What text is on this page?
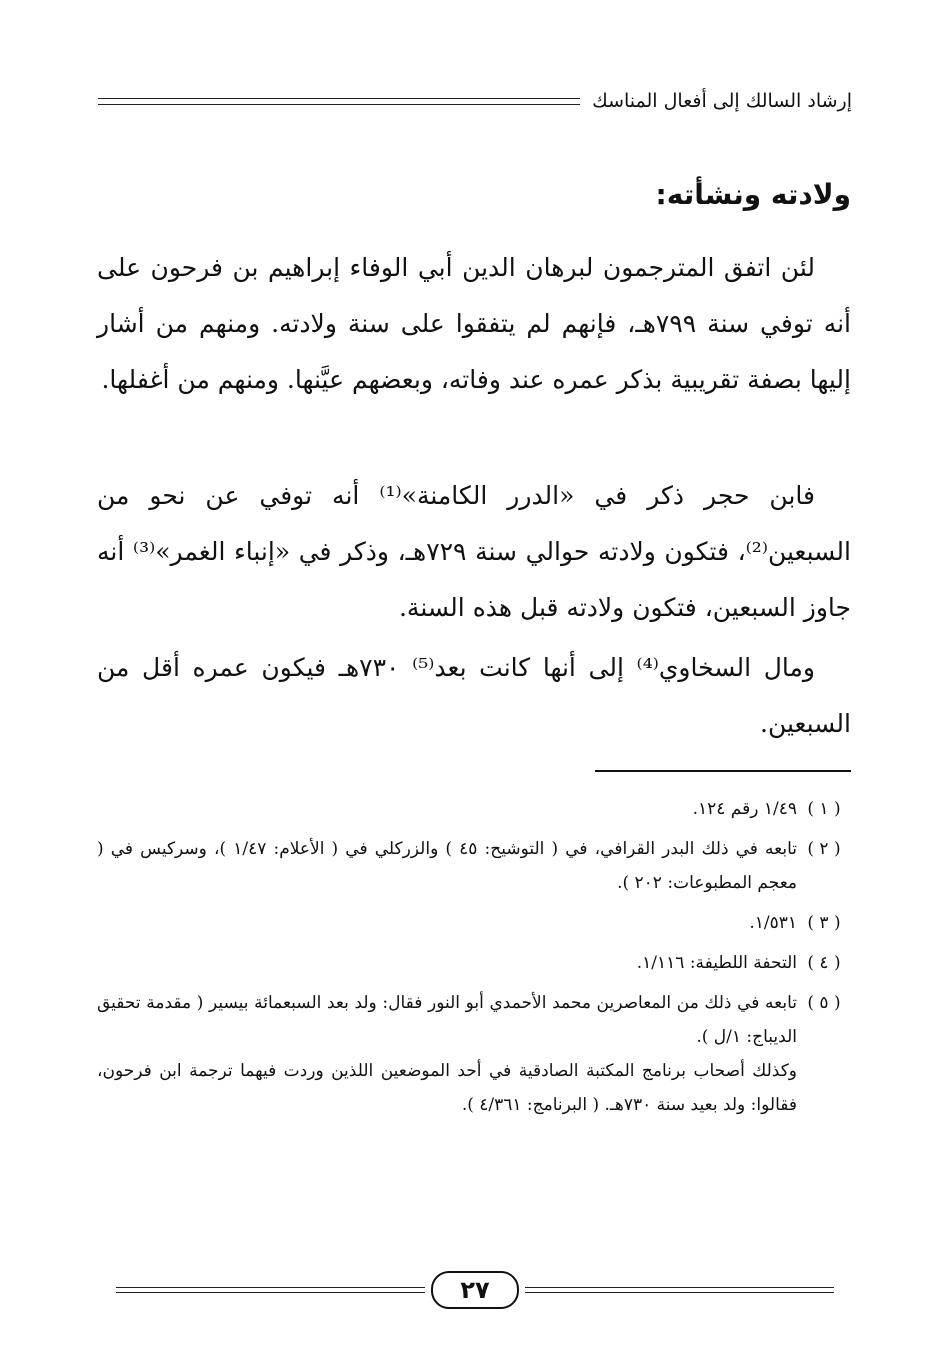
إرشاد السالك إلى أفعال المناسك
ولادته ونشأته:

لئن اتفق المترجمون لبرهان الدين أبي الوفاء إبراهيم بن فرحون على أنه توفي سنة ٧٩٩هـ، فإنهم لم يتفقوا على سنة ولادته. ومنهم من أشار إليها بصفة تقريبية بذكر عمره عند وفاته، وبعضهم عيَّنها. ومنهم من أغفلها.

فابن حجر ذكر في «الدرر الكامنة»⁽¹⁾ أنه توفي عن نحو من السبعين⁽²⁾، فتكون ولادته حوالي سنة ٧٢٩هـ، وذكر في «إنباء الغمر»⁽³⁾ أنه جاوز السبعين، فتكون ولادته قبل هذه السنة.

ومال السخاوي⁽⁴⁾ إلى أنها كانت بعد⁽⁵⁾ ٧٣٠هـ فيكون عمره أقل من السبعين.

( ١ )
١/٤٩ رقم ١٢٤.
( ٢ )
تابعه في ذلك البدر القرافي، في ( التوشيح: ٤٥ ) والزركلي في ( الأعلام: ١/٤٧ )، وسركيس في ( معجم المطبوعات: ٢٠٢ ).
( ٣ )
١/٥٣١.
( ٤ )
التحفة اللطيفة: ١/١١٦.
( ٥ )
تابعه في ذلك من المعاصرين محمد الأحمدي أبو النور فقال: ولد بعد السبعمائة بيسير ( مقدمة تحقيق الديباج: ١/ل ).
وكذلك أصحاب برنامج المكتبة الصادقية في أحد الموضعين اللذين وردت فيهما ترجمة ابن فرحون، فقالوا: ولد بعيد سنة ٧٣٠هـ. ( البرنامج: ٤/٣٦١ ).
٢٧
